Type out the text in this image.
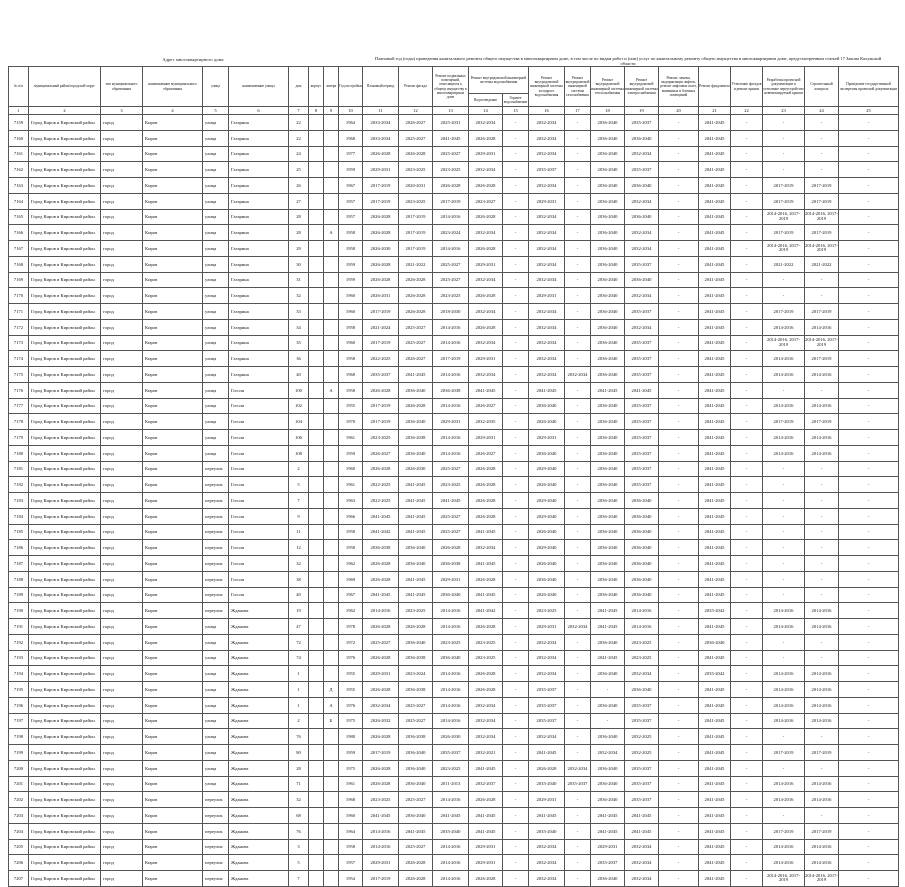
Адрес многоквартирного дома	Плановый год (годы) проведения капитального ремонта общего имущества в многоквартирном доме, в том числе по видам работ и (или) услуг по капитальному ремонту общего имущества в многоквартирном доме, предусмотренным статьей 17 Закона Калужской области
№ п/п	муниципальный район/городской округ	тип муниципального образования	наименование муниципального образования	улица	наименование улицы	дом	корпус	литера	Год постройки	Плановый период	Ремонт фасада	Ремонт подвальных помещений, относящихся к общему имуществу в многоквартирном доме	Ремонт внутридомовой инженерной системы водоснабжения		Ремонт внутридомовой инженерной системы холодного водоснабжения	Ремонт внутридомовой инженерной системы газоснабжения	Ремонт внутридомовой инженерной системы теплоснабжения	Ремонт внутридомовой инженерной системы электроснабжения	Ремонт, замена, модернизация лифтов, ремонт лифтовых шахт, машинных и блочных помещений	Ремонт фундамента	Утепление фасадов и ремонт крыши	Разработка проектной документации и утепление переустройство невентилируемой крыши	Строительный контроль	Проведение государственной экспертизы проектной документации
													Водоотведение	Горячее водоснабжение										
1	2	3	4	5	6	7	8	9	10	11	12	13	14	15	16	17	18	19	20	21	22	23	24	25
7159	Город Киров и Кировский район	город	Киров	улица	Гагарина	22			1964	2033-2034	2026-2027	2025-2031	2032-2034	-	2032-2034	-	2036-2040	2035-2037	-	2041-2045	-	-	-	-
7160	Город Киров и Кировский район	город	Киров	улица	Гагарина	22			1968	2033-2034	2025-2027	2041-2045	2026-2028	-	2032-2034	-	2036-2040	2036-2040	-	2041-2045	-	-	-	-
7161	Город Киров и Кировский район	город	Киров	улица	Гагарина	24			1977	2026-2028	2026-2028	2025-2027	2029-2031	-	2032-2034	-	2036-2040	2032-2034	-	2041-2045	-	-	-	-
7162	Город Киров и Кировский район	город	Киров	улица	Гагарина	25			1959	2029-2031	2023-2025	2023-2025	2032-2034	-	2035-2037	-	2036-2040	2035-2037	-	2041-2045	-	-	-	-
7163	Город Киров и Кировский район	город	Киров	улица	Гагарина	26			1967	2017-2019	2020-2031	2026-2028	2026-2028	-	2032-2034	-	2036-2040	2036-2040	-	2041-2045	-	2017-2019	2017-2019	-
7164	Город Киров и Кировский район	город	Киров	улица	Гагарина	27			1957	2017-2019	2023-2025	2017-2019	2023-2027	-	2029-2031	-	2036-2040	2032-2034	-	2041-2045	-	2017-2019	2017-2019	-
7165	Город Киров и Кировский район	город	Киров	улица	Гагарина	28			1957	2026-2028	2017-2019	2014-2016	2026-2028	-	2032-2034	-	2036-2040	2036-2040	-	2041-2045	-	2014-2016, 2017-2019	2014-2016, 2017-2019	-
7166	Город Киров и Кировский район	город	Киров	улица	Гагарина	28		А	1958	2026-2028	2017-2019	2023-2024	2032-2034	-	2032-2034	-	2036-2040	2032-2034	-	2041-2045	-	2017-2019	2017-2019	-
7167	Город Киров и Кировский район	город	Киров	улица	Гагарина	29			1958	2026-2030	2017-2019	2014-2016	2026-2028	-	2032-2034	-	2036-2040	2032-2034	-	2041-2045	-	2014-2016, 2017-2019	2014-2016, 2017-2019	-
7168	Город Киров и Кировский район	город	Киров	улица	Гагарина	30			1959	2026-2028	2021-2022	2025-2027	2029-2031	-	2032-2034	-	2036-2040	2035-2037	-	2041-2045	-	2021-2022	2021-2022	-
7169	Город Киров и Кировский район	город	Киров	улица	Гагарина	31			1959	2026-2028	2026-2028	2025-2027	2032-2034	-	2032-2034	-	2036-2040	2036-2040	-	2041-2045	-	-	-	-
7170	Город Киров и Кировский район	город	Киров	улица	Гагарина	32			1960	2026-2031	2026-2028	2023-2025	2026-2028	-	2029-2031	-	2036-2040	2032-2034	-	2041-2045	-	-	-	-
7171	Город Киров и Кировский район	город	Киров	улица	Гагарина	33			1960	2017-2019	2026-2028	2018-2030	2032-2034	-	2032-2034	-	2036-2040	2035-2037	-	2041-2045	-	2017-2019	2017-2019	-
7172	Город Киров и Кировский район	город	Киров	улица	Гагарина	34			1958	2021-2024	2025-2027	2014-2016	2026-2028	-	2032-2034	-	2036-2040	2032-2034	-	2041-2045	-	2014-2016	2014-2016	-
7173	Город Киров и Кировский район	город	Киров	улица	Гагарина	35			1960	2017-2019	2025-2027	2014-2016	2032-2034	-	2032-2034	-	2036-2040	2035-2037	-	2041-2045	-	2014-2016, 2017-2019	2014-2016, 2017-2019	-
7174	Город Киров и Кировский район	город	Киров	улица	Гагарина	36			1958	2022-2025	2026-2027	2017-2019	2029-2031	-	2032-2034	-	2036-2040	2035-2037	-	2041-2045	-	2014-2016	2017-2019	-
7175	Город Киров и Кировский район	город	Киров	улица	Гагарина	40			1968	2035-2037	2041-2045	2014-2016	2032-2034	-	2032-2034	2032-2034	2036-2040	2035-2037	-	2041-2045	-	2014-2016	2014-2016	-
7176	Город Киров и Кировский район	город	Киров	улица	Гоголя	100		А	1958	2026-2028	2036-2040	2036-2038	2041-2045	-	2041-2045	-	2041-2045	2041-2045	-	2041-2045	-	-	-	-
7177	Город Киров и Кировский район	город	Киров	улица	Гоголя	102			1955	2017-2019	2026-2028	2014-2016	2026-2027	-	2036-2040	-	2036-2040	2035-2037	-	2041-2045	-	2014-2016	2014-2016	-
7178	Город Киров и Кировский район	город	Киров	улица	Гоголя	104			1970	2017-2019	2036-2040	2029-2031	2032-2035	-	2026-2040	-	2036-2040	2035-2037	-	2041-2045	-	2017-2019	2017-2019	-
7179	Город Киров и Кировский район	город	Киров	улица	Гоголя	106			1961	2023-2025	2036-2038	2014-2016	2029-2031	-	2029-2031	-	2036-2040	2035-2037	-	2041-2045	-	2014-2016	2014-2016	-
7180	Город Киров и Кировский район	город	Киров	улица	Гоголя	108			1959	2026-2027	2036-2040	2014-2016	2026-2027	-	2036-2040	-	2036-2040	2035-2037	-	2041-2045	-	2014-2016	2014-2016	-
7181	Город Киров и Кировский район	город	Киров	переулок	Гоголя	2			1960	2026-2028	2026-2030	2025-2027	2026-2028	-	2029-2040	-	2036-2040	2035-2037	-	2041-2045	-	-	-	-
7182	Город Киров и Кировский район	город	Киров	переулок	Гоголя	5			1961	2022-2025	2041-2045	2023-2025	2026-2028	-	2026-2040	-	2036-2040	2035-2037	-	2041-2045	-	-	-	-
7183	Город Киров и Кировский район	город	Киров	переулок	Гоголя	7			1963	2022-2025	2041-2045	2041-2045	2026-2028	-	2029-2040	-	2036-2040	2036-2040	-	2041-2045	-	-	-	-
7184	Город Киров и Кировский район	город	Киров	переулок	Гоголя	9			1966	2041-2045	2041-2045	2025-2027	2026-2028	-	2029-2040	-	2036-2040	2036-2040	-	2041-2045	-	-	-	-
7185	Город Киров и Кировский район	город	Киров	переулок	Гоголя	11			1958	2041-2042	2041-2045	2025-2027	2041-2045	-	2026-2040	-	2036-2040	2036-2040	-	2041-2045	-	-	-	-
7186	Город Киров и Кировский район	город	Киров	переулок	Гоголя	12			1958	2036-2038	2036-2040	2026-2028	2032-2034	-	2029-2040	-	2036-2040	2036-2040	-	2041-2045	-	-	-	-
7187	Город Киров и Кировский район	город	Киров	переулок	Гоголя	32			1962	2026-2028	2036-2040	2036-2038	2041-2045	-	2026-2040	-	2036-2040	2036-2040	-	2041-2045	-	-	-	-
7188	Город Киров и Кировский район	город	Киров	переулок	Гоголя	38			1969	2026-2028	2041-2045	2029-2031	2026-2028	-	2036-2040	-	2036-2040	2036-2040	-	2041-2045	-	-	-	-
7189	Город Киров и Кировский район	город	Киров	переулок	Гоголя	40			1967	2041-2045	2041-2045	2036-2040	2041-2045	-	2026-2040	-	2036-2040	2036-2040	-	2041-2045	-	-	-	-
7190	Город Киров и Кировский район	город	Киров	переулок	Жданова	19			1962	2014-2016	2023-2025	2014-2016	2041-2042	-	2023-2025	-	2041-2045	2014-2016	-	2035-2042	-	2014-2016	2014-2016	-
7191	Город Киров и Кировский район	город	Киров	улица	Жданова	47			1978	2026-2028	2026-2028	2014-2016	2026-2028	-	2029-2031	2032-2034	2041-2045	2014-2016	-	2041-2045	-	2014-2016	2014-2016	-
7192	Город Киров и Кировский район	город	Киров	улица	Жданова	72			1972	2025-2027	2036-2040	2023-2025	2023-2025	-	2032-2034	-	2036-2040	2023-2025	-	2036-2040	-	-	-	-
7193	Город Киров и Кировский район	город	Киров	улица	Жданова	74			1976	2026-2028	2036-2038	2036-2040	2023-2025	-	2032-2034	-	2041-2045	2023-2025	-	2041-2045	-	-	-	-
7194	Город Киров и Кировский район	город	Киров	улица	Жданова	1			1955	2029-2031	2023-2024	2014-2016	2026-2028	-	2032-2034	-	2036-2040	2032-2034	-	2035-2042	-	2014-2016	2014-2016	-
7195	Город Киров и Кировский район	город	Киров	улица	Жданова	1		Д	1955	2026-2028	2036-2038	2014-2016	2026-2028	-	2035-2037	-	-	2036-2040	-	2041-2045	-	2014-2016	2014-2016	-
7196	Город Киров и Кировский район	город	Киров	улица	Жданова	1		А	1976	2032-2034	2025-2027	2014-2016	2032-2034	-	2035-2037	-	2036-2040	2035-2037	-	2041-2045	-	2014-2016	2014-2016	-
7197	Город Киров и Кировский район	город	Киров	улица	Жданова	2		Б	1975	2026-2032	2025-2027	2014-2016	2032-2034	-	2035-2037	-	-	2035-2037	-	2041-2045	-	2014-2016	2014-2016	-
7198	Город Киров и Кировский район	город	Киров	улица	Жданова	76			1980	2026-2028	2036-2038	2026-2030	2032-2034	-	2032-2034	-	2036-2040	2032-2025	-	2041-2045	-	-	-	-
7199	Город Киров и Кировский район	город	Киров	улица	Жданова	80			1959	2017-2019	2036-2040	2035-2037	2032-2021	-	2041-2045	-	2032-2034	2032-2025	-	2041-2045	-	2017-2019	2017-2019	-
7200	Город Киров и Кировский район	город	Киров	улица	Жданова	28			1975	2026-2028	2036-2040	2023-2025	2041-2045	-	2026-2028	2032-2034	2036-2040	2035-2037	-	2041-2045	-	-	-	-
7201	Город Киров и Кировский район	город	Киров	улица	Жданова	71			1961	2026-2028	2036-2040	2011-2013	2032-2037	-	2035-2040	2035-2037	2036-2040	2035-2037	-	2041-2045	-	2014-2016	2014-2016	-
7202	Город Киров и Кировский район	город	Киров	переулок	Жданова	32			1968	2023-2025	2025-2027	2014-2016	2026-2028	-	2029-2031	-	2036-2040	2035-2037	-	2041-2045	-	2014-2016	2014-2016	-
7203	Город Киров и Кировский район	город	Киров	переулок	Жданова	68			1960	2041-2045	2036-2040	2041-2045	2041-2045	-	2041-2045	-	2041-2045	2041-2045	-	2041-2045	-	-	-	-
7204	Город Киров и Кировский район	город	Киров	переулок	Жданова	76			1964	2014-2016	2041-2045	2035-2040	2041-2045	-	2035-2040	-	2041-2045	2041-2045	-	2041-2045	-	2017-2019	2017-2019	-
7205	Город Киров и Кировский район	город	Киров	переулок	Жданова	3			1958	2014-2016	2025-2027	2014-2016	2029-2031	-	2032-2034	-	2029-2031	2032-2034	-	2041-2045	-	2014-2016	2014-2016	-
7206	Город Киров и Кировский район	город	Киров	переулок	Жданова	5			1957	2029-2031	2026-2028	2014-2016	2029-2031	-	2032-2034	-	2035-2037	2032-2034	-	2041-2045	-	2014-2016	2014-2016	-
7207	Город Киров и Кировский район	город	Киров	переулок	Жданова	7			1954	2017-2019	2026-2028	2014-2016	2026-2028	-	2032-2034	-	2036-2040	2032-2034	-	2041-2045	-	2014-2016, 2017-2019	2014-2016, 2017-2019	-
